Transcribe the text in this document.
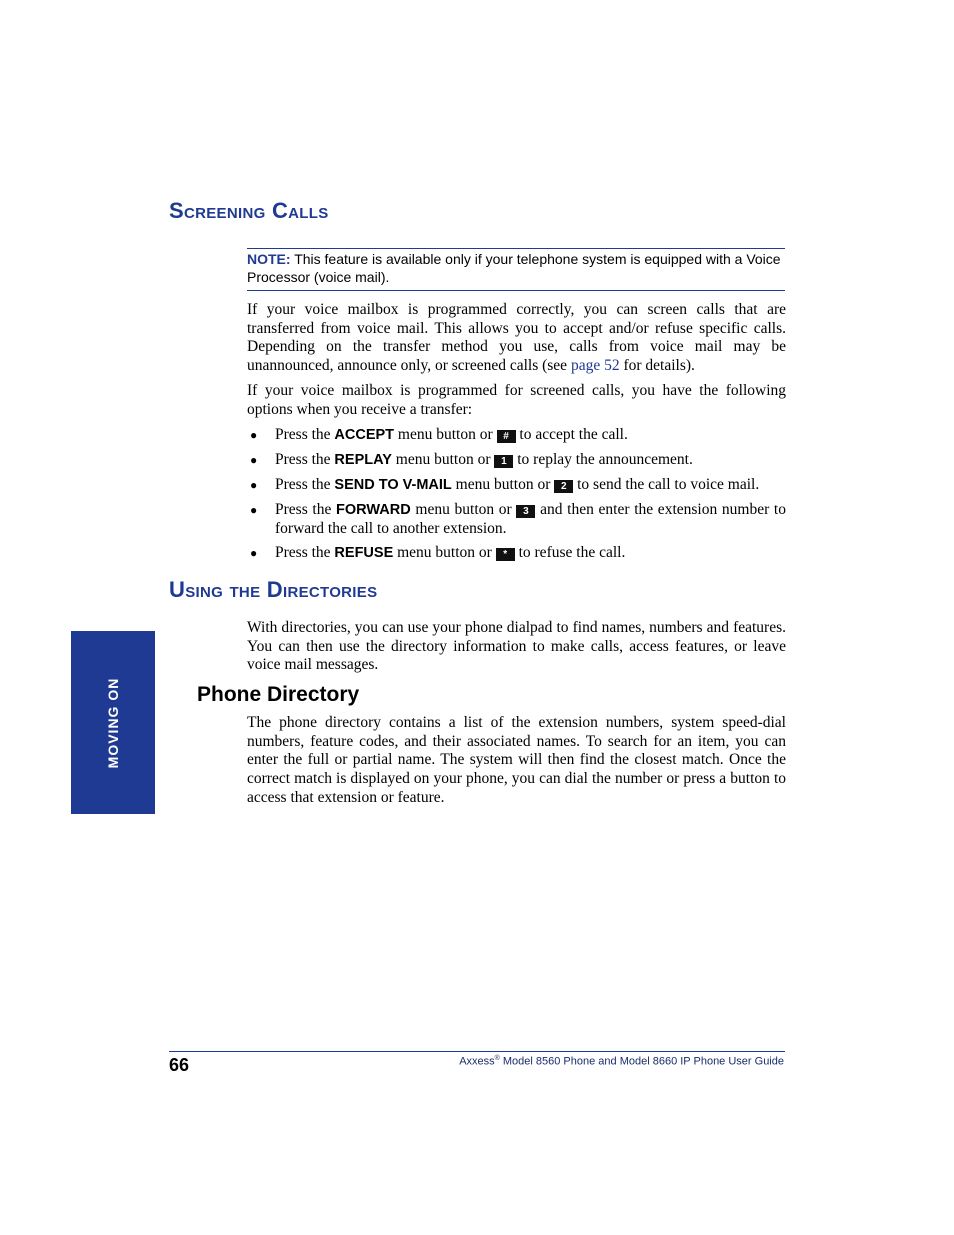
Screening Calls
NOTE: This feature is available only if your telephone system is equipped with a Voice Processor (voice mail).
If your voice mailbox is programmed correctly, you can screen calls that are transferred from voice mail. This allows you to accept and/or refuse specific calls. Depending on the transfer method you use, calls from voice mail may be unannounced, announce only, or screened calls (see page 52 for details).
If your voice mailbox is programmed for screened calls, you have the following options when you receive a transfer:
● Press the ACCEPT menu button or # to accept the call.
● Press the REPLAY menu button or 1 to replay the announcement.
● Press the SEND TO V-MAIL menu button or 2 to send the call to voice mail.
● Press the FORWARD menu button or 3 and then enter the extension number to forward the call to another extension.
● Press the REFUSE menu button or * to refuse the call.
Using the Directories
With directories, you can use your phone dialpad to find names, numbers and features. You can then use the directory information to make calls, access features, or leave voice mail messages.
Phone Directory
The phone directory contains a list of the extension numbers, system speed-dial numbers, feature codes, and their associated names. To search for an item, you can enter the full or partial name. The system will then find the closest match. Once the correct match is displayed on your phone, you can dial the number or press a button to access that extension or feature.
MOVING ON
66	Axxess® Model 8560 Phone and Model 8660 IP Phone User Guide
